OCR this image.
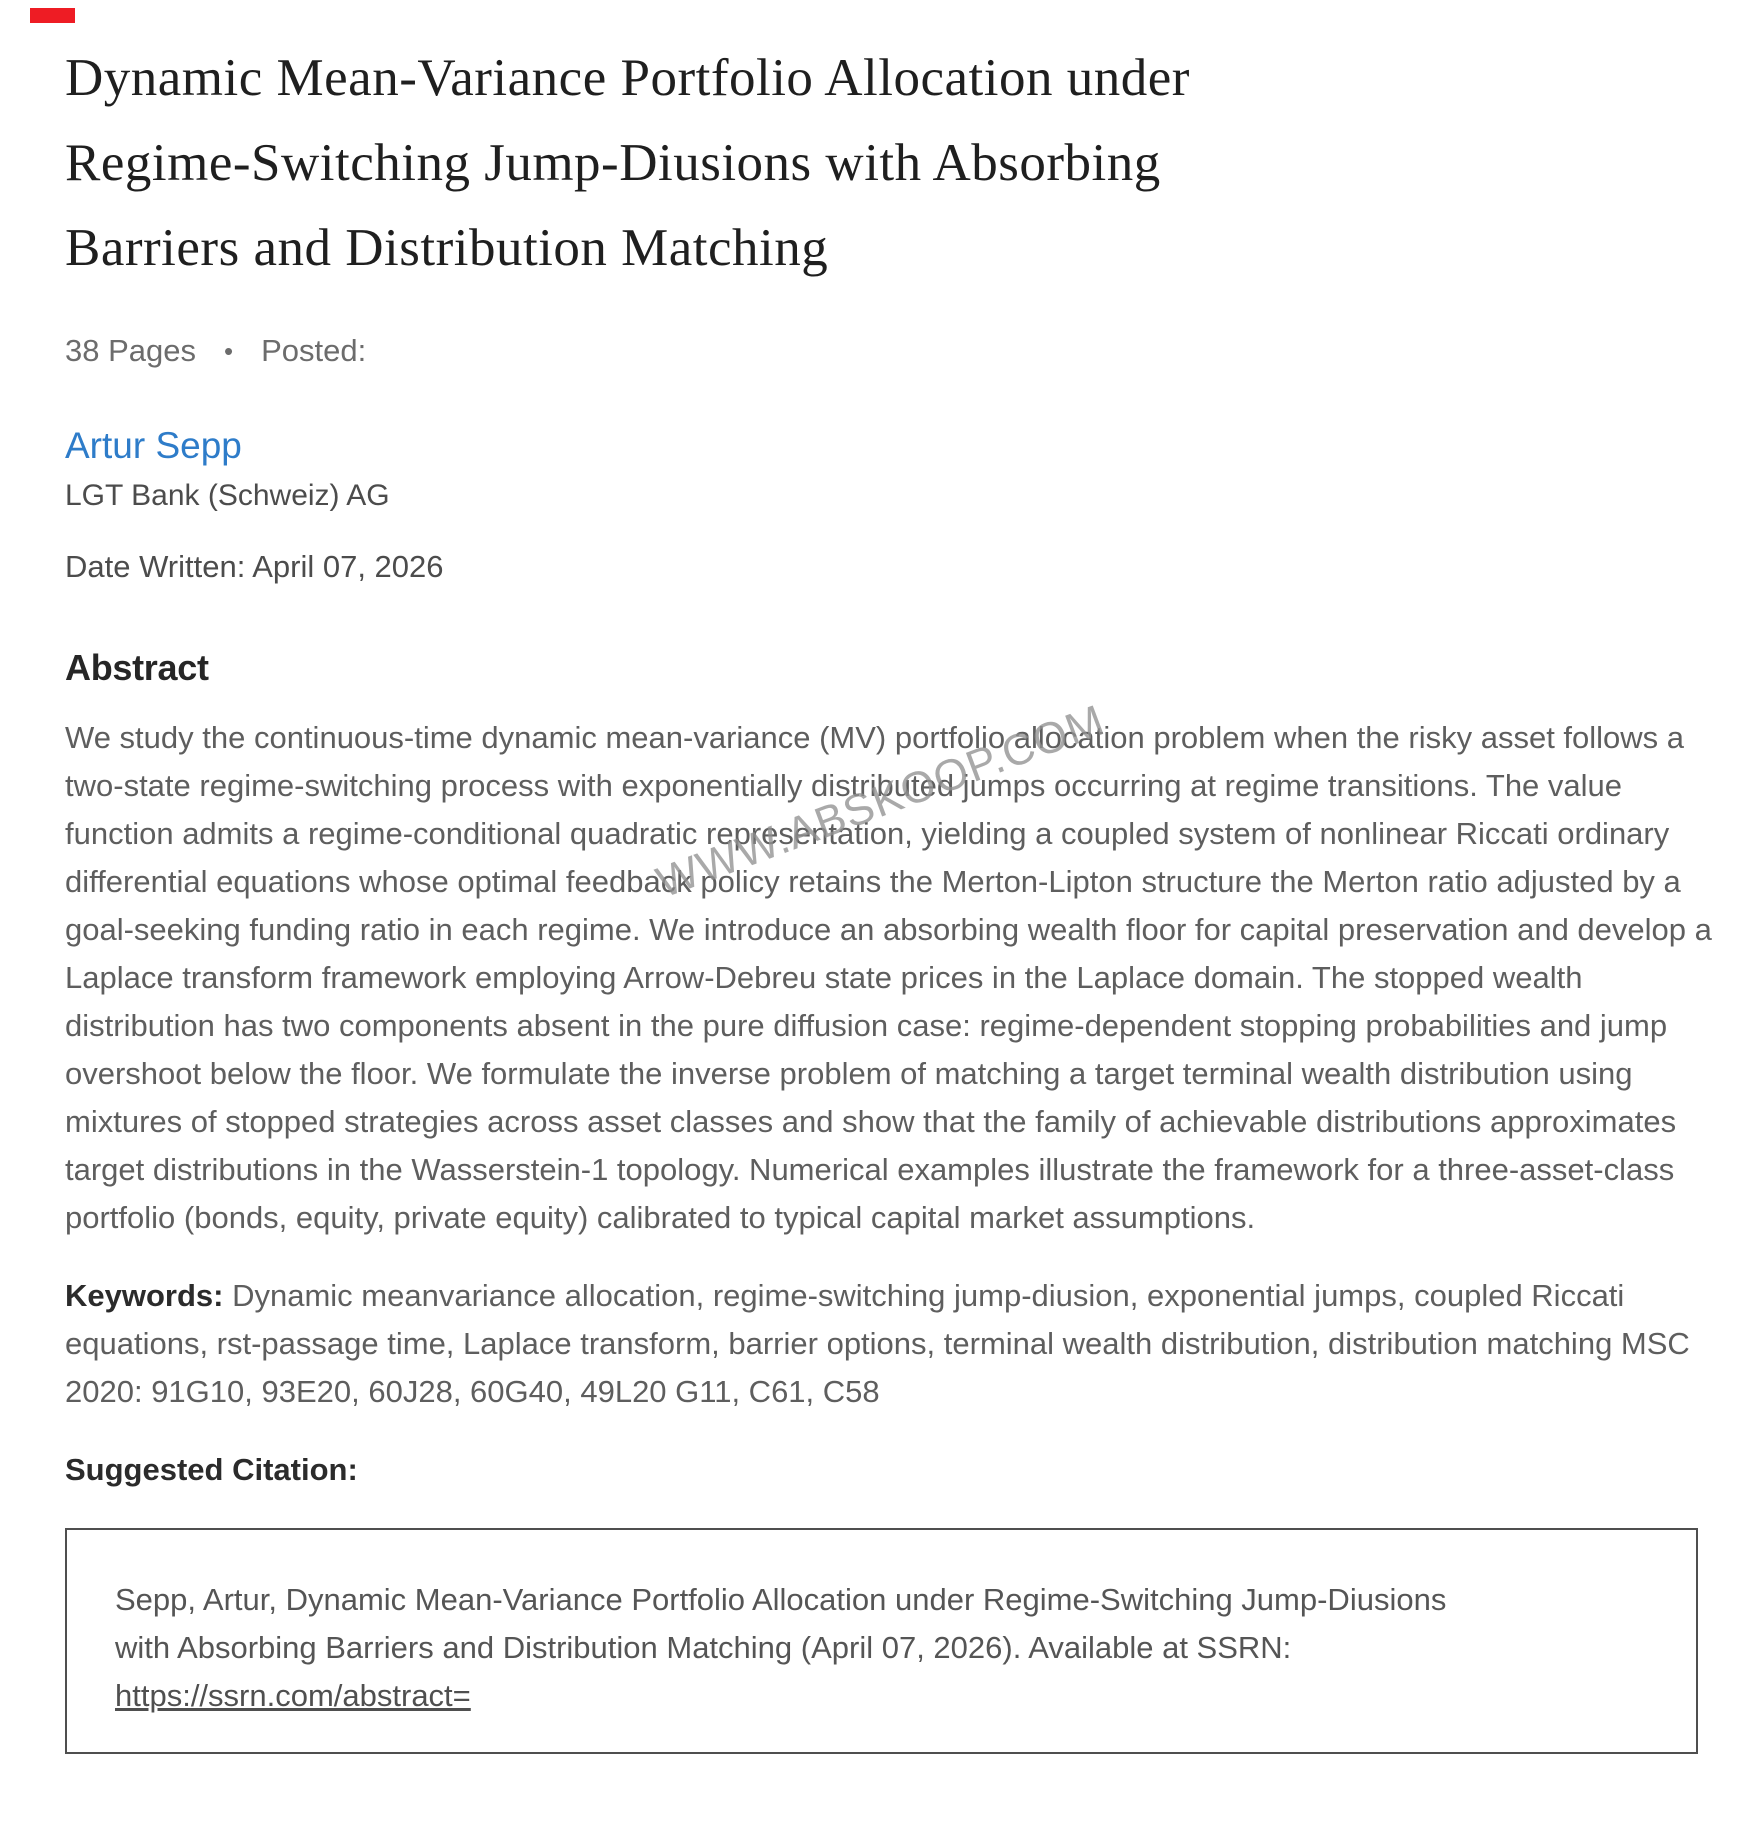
Dynamic Mean-Variance Portfolio Allocation under
Regime-Switching Jump-Diusions with Absorbing
Barriers and Distribution Matching
38 Pages • Posted:
Artur Sepp
LGT Bank (Schweiz) AG
Date Written: April 07, 2026
Abstract

We study the continuous-time dynamic mean-variance (MV) portfolio allocation problem when the risky asset follows a two-state regime-switching process with exponentially distributed jumps occurring at regime transitions. The value function admits a regime-conditional quadratic representation, yielding a coupled system of nonlinear Riccati ordinary differential equations whose optimal feedback policy retains the Merton-Lipton structure the Merton ratio adjusted by a goal-seeking funding ratio in each regime. We introduce an absorbing wealth floor for capital preservation and develop a Laplace transform framework employing Arrow-Debreu state prices in the Laplace domain. The stopped wealth distribution has two components absent in the pure diffusion case: regime-dependent stopping probabilities and jump overshoot below the floor. We formulate the inverse problem of matching a target terminal wealth distribution using mixtures of stopped strategies across asset classes and show that the family of achievable distributions approximates target distributions in the Wasserstein-1 topology. Numerical examples illustrate the framework for a three-asset-class portfolio (bonds, equity, private equity) calibrated to typical capital market assumptions.

Keywords: Dynamic meanvariance allocation, regime-switching jump-diusion, exponential jumps, coupled Riccati equations, rst-passage time, Laplace transform, barrier options, terminal wealth distribution, distribution matching MSC 2020: 91G10, 93E20, 60J28, 60G40, 49L20 G11, C61, C58

Suggested Citation:
Sepp, Artur, Dynamic Mean-Variance Portfolio Allocation under Regime-Switching Jump-Diusions
with Absorbing Barriers and Distribution Matching (April 07, 2026). Available at SSRN:
https://ssrn.com/abstract=
WWW.ABSKOOP.COM
